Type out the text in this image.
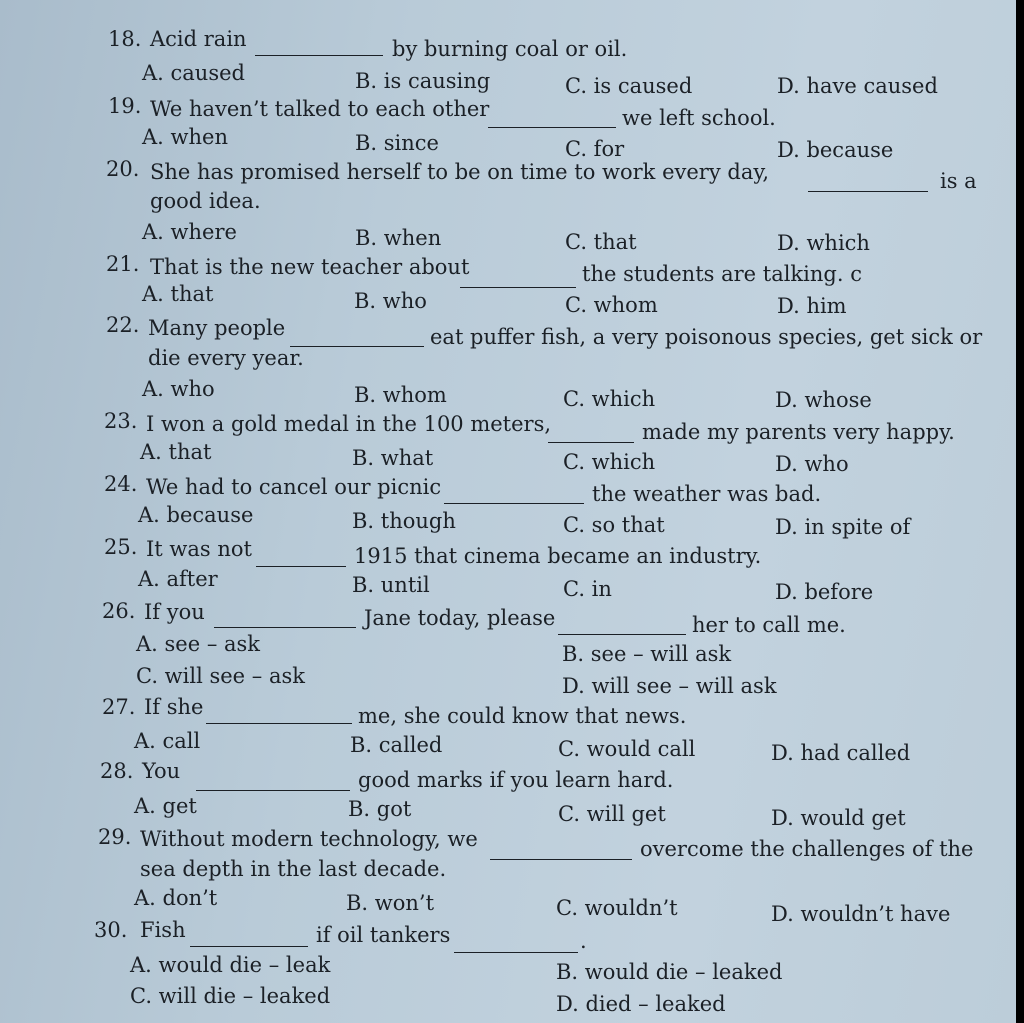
18. Acid rain	by burning coal or oil.
A. caused	B. is causing	C. is caused	D. have caused
19. We haven’t talked to each other	we left school.
A. when	B. since	C. for	D. because
20. She has promised herself to be on time to work every day,	is a
good idea.
A. where	B. when	C. that	D. which
21. That is the new teacher about	the students are talking. c
A. that	B. who	C. whom	D. him
22. Many people	eat puffer fish, a very poisonous species, get sick or
die every year.
A. who	B. whom	C. which	D. whose
23. I won a gold medal in the 100 meters,	made my parents very happy.
A. that	B. what	C. which	D. who
24. We had to cancel our picnic	the weather was bad.
A. because	B. though	C. so that	D. in spite of
25. It was not	1915 that cinema became an industry.
A. after	B. until	C. in	D. before
26. If you	Jane today, please	her to call me.
A. see – ask	B. see – will ask
C. will see – ask	D. will see – will ask
27. If she	me, she could know that news.
A. call	B. called	C. would call	D. had called
28. You	good marks if you learn hard.
A. get	B. got	C. will get	D. would get
29. Without modern technology, we	overcome the challenges of the
sea depth in the last decade.
A. don’t	B. won’t	C. wouldn’t	D. wouldn’t have
30. Fish	if oil tankers	.
A. would die – leak	B. would die – leaked
C. will die – leaked	D. died – leaked
